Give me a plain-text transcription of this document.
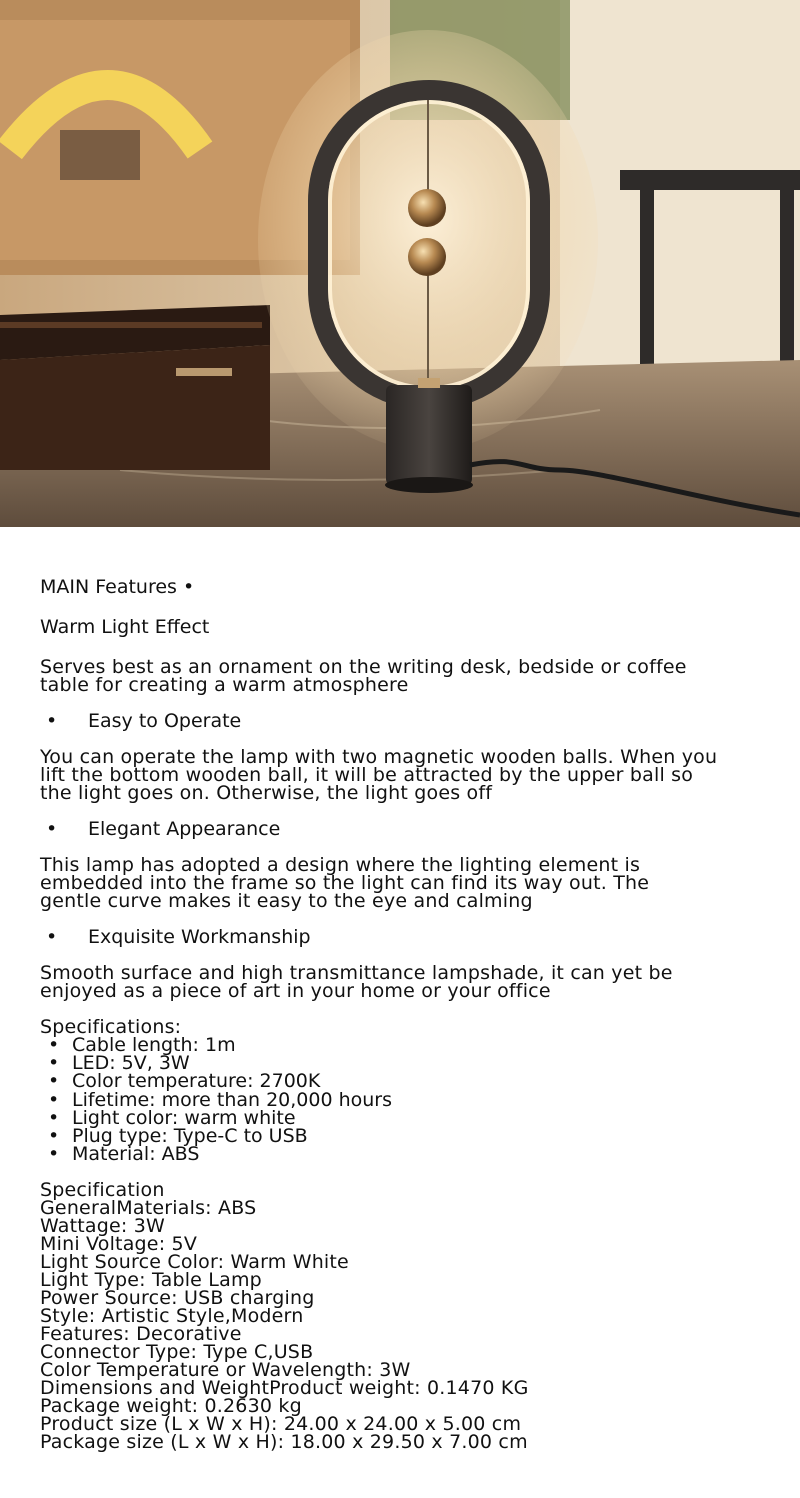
MAIN Features •
Warm Light Effect
Serves best as an ornament on the writing desk, bedside or coffee
table for creating a warm atmosphere
• Easy to Operate
You can operate the lamp with two magnetic wooden balls. When you
lift the bottom wooden ball, it will be attracted by the upper ball so
the light goes on. Otherwise, the light goes off
• Elegant Appearance
This lamp has adopted a design where the lighting element is
embedded into the frame so the light can find its way out. The
gentle curve makes it easy to the eye and calming
• Exquisite Workmanship
Smooth surface and high transmittance lampshade, it can yet be
enjoyed as a piece of art in your home or your office
Specifications:
• Cable length: 1m
• LED: 5V, 3W
• Color temperature: 2700K
• Lifetime: more than 20,000 hours
• Light color: warm white
• Plug type: Type-C to USB
• Material: ABS
Specification
GeneralMaterials: ABS
Wattage: 3W
Mini Voltage: 5V
Light Source Color: Warm White
Light Type: Table Lamp
Power Source: USB charging
Style: Artistic Style,Modern
Features: Decorative
Connector Type: Type C,USB
Color Temperature or Wavelength: 3W
Dimensions and WeightProduct weight: 0.1470 KG
Package weight: 0.2630 kg
Product size (L x W x H): 24.00 x 24.00 x 5.00 cm
Package size (L x W x H): 18.00 x 29.50 x 7.00 cm
